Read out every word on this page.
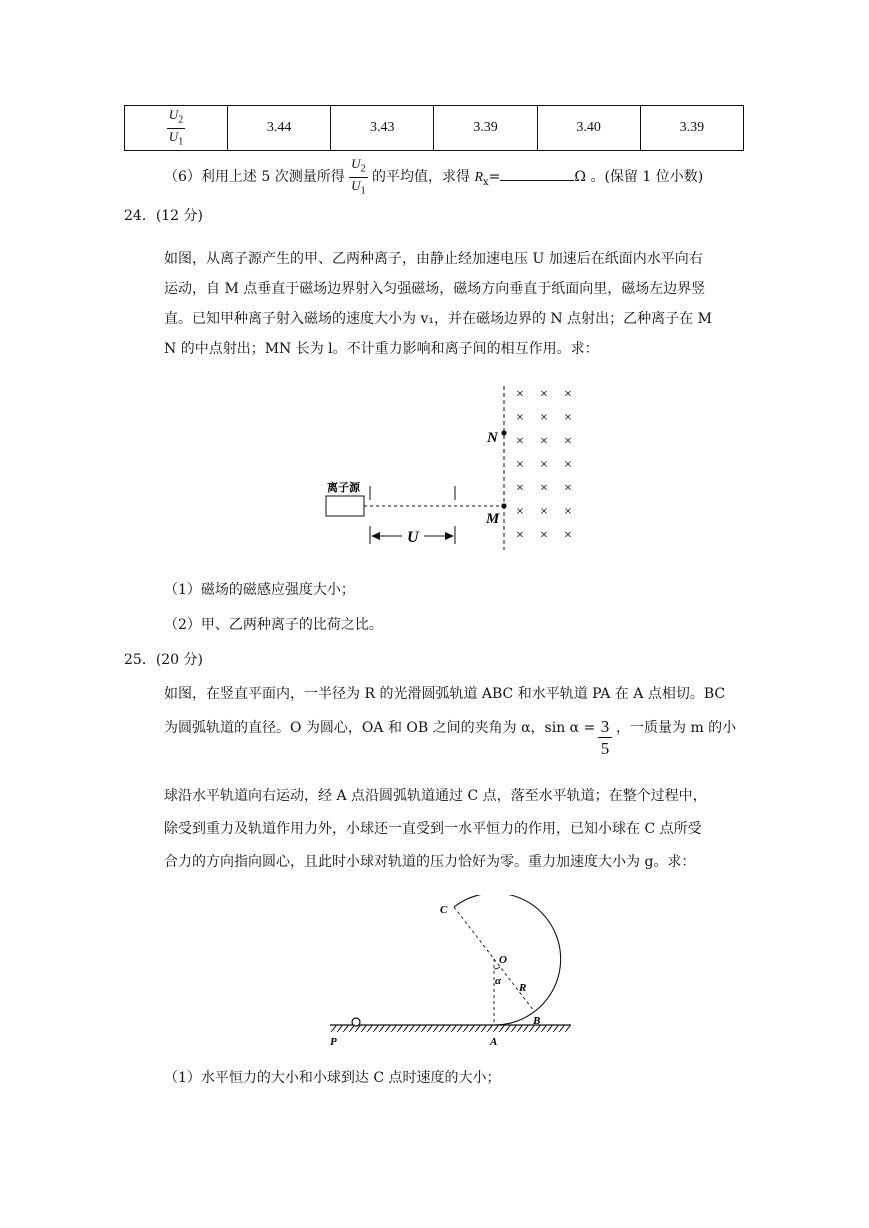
$\frac{U_2}{U_1}$	3.44	3.43	3.39	3.40	3.39
（6）利用上述 5 次测量所得 $\frac{U_2}{U_1}$ 的平均值，求得 $R_x=$	Ω 。(保留 1 位小数)
24．(12 分)
如图，从离子源产生的甲、乙两种离子，由静止经加速电压 U 加速后在纸面内水平向右
运动，自 M 点垂直于磁场边界射入匀强磁场，磁场方向垂直于纸面向里，磁场左边界竖
直。已知甲种离子射入磁场的速度大小为 v₁，并在磁场边界的 N 点射出；乙种离子在 M
N 的中点射出；MN 长为 l。不计重力影响和离子间的相互作用。求：
离子源
U
N
M
× × ×
× × ×
× × ×
× × ×
× × ×
× × ×
× × ×
（1）磁场的磁感应强度大小；
（2）甲、乙两种离子的比荷之比。
25．(20 分)
如图，在竖直平面内，一半径为 R 的光滑圆弧轨道 ABC 和水平轨道 PA 在 A 点相切。BC
为圆弧轨道的直径。O 为圆心，OA 和 OB 之间的夹角为 α，$\sin \alpha = \frac{3}{5}$ ，一质量为 m 的小
球沿水平轨道向右运动，经 A 点沿圆弧轨道通过 C 点，落至水平轨道；在整个过程中，
除受到重力及轨道作用力外，小球还一直受到一水平恒力的作用，已知小球在 C 点所受
合力的方向指向圆心，且此时小球对轨道的压力恰好为零。重力加速度大小为 g。求：
C
O
α
R
B
P	A
（1）水平恒力的大小和小球到达 C 点时速度的大小；
